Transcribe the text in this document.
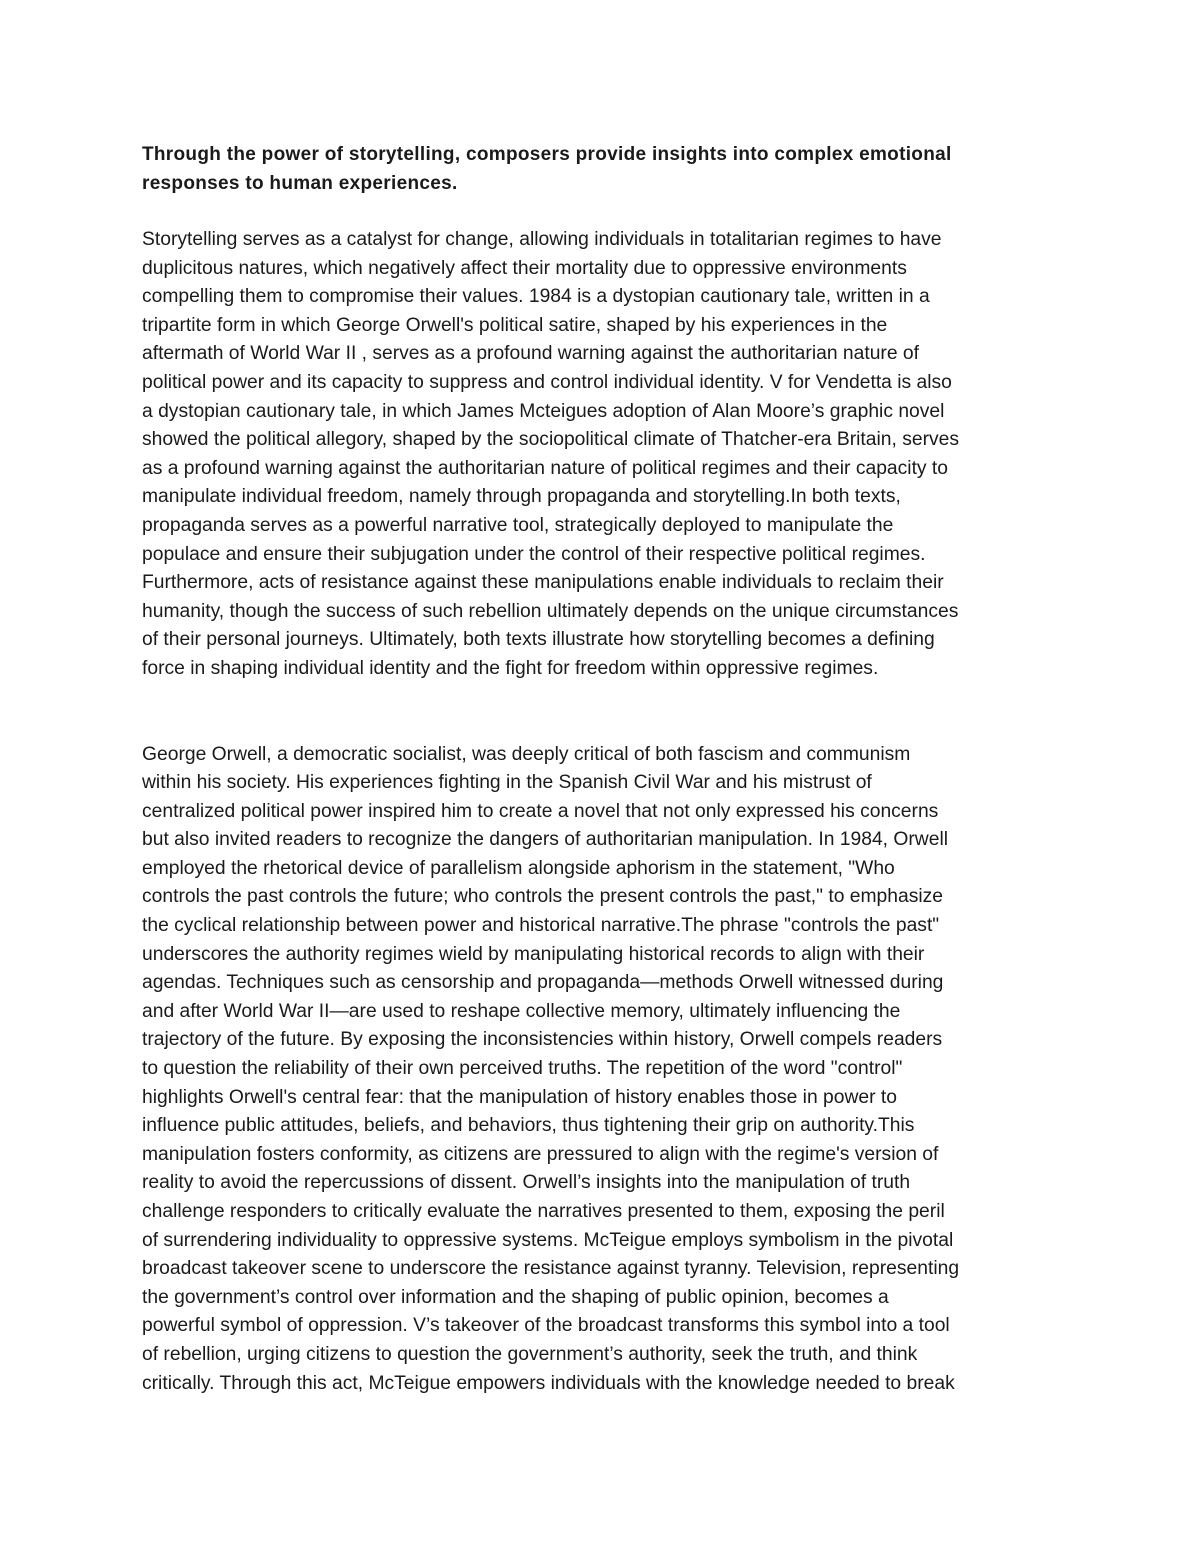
Through the power of storytelling, composers provide insights into complex emotional
responses to human experiences.
Storytelling serves as a catalyst for change, allowing individuals in totalitarian regimes to have
duplicitous natures, which negatively affect their mortality due to oppressive environments
compelling them to compromise their values. 1984 is a dystopian cautionary tale, written in a
tripartite form in which George Orwell's political satire, shaped by his experiences in the
aftermath of World War II , serves as a profound warning against the authoritarian nature of
political power and its capacity to suppress and control individual identity. V for Vendetta is also
a dystopian cautionary tale, in which James Mcteigues adoption of Alan Moore’s graphic novel
showed the political allegory, shaped by the sociopolitical climate of Thatcher-era Britain, serves
as a profound warning against the authoritarian nature of political regimes and their capacity to
manipulate individual freedom, namely through propaganda and storytelling.In both texts,
propaganda serves as a powerful narrative tool, strategically deployed to manipulate the
populace and ensure their subjugation under the control of their respective political regimes.
Furthermore, acts of resistance against these manipulations enable individuals to reclaim their
humanity, though the success of such rebellion ultimately depends on the unique circumstances
of their personal journeys. Ultimately, both texts illustrate how storytelling becomes a defining
force in shaping individual identity and the fight for freedom within oppressive regimes.
George Orwell, a democratic socialist, was deeply critical of both fascism and communism
within his society. His experiences fighting in the Spanish Civil War and his mistrust of
centralized political power inspired him to create a novel that not only expressed his concerns
but also invited readers to recognize the dangers of authoritarian manipulation. In 1984, Orwell
employed the rhetorical device of parallelism alongside aphorism in the statement, "Who
controls the past controls the future; who controls the present controls the past," to emphasize
the cyclical relationship between power and historical narrative.The phrase "controls the past"
underscores the authority regimes wield by manipulating historical records to align with their
agendas. Techniques such as censorship and propaganda—methods Orwell witnessed during
and after World War II—are used to reshape collective memory, ultimately influencing the
trajectory of the future. By exposing the inconsistencies within history, Orwell compels readers
to question the reliability of their own perceived truths. The repetition of the word "control"
highlights Orwell's central fear: that the manipulation of history enables those in power to
influence public attitudes, beliefs, and behaviors, thus tightening their grip on authority.This
manipulation fosters conformity, as citizens are pressured to align with the regime's version of
reality to avoid the repercussions of dissent. Orwell’s insights into the manipulation of truth
challenge responders to critically evaluate the narratives presented to them, exposing the peril
of surrendering individuality to oppressive systems. McTeigue employs symbolism in the pivotal
broadcast takeover scene to underscore the resistance against tyranny. Television, representing
the government’s control over information and the shaping of public opinion, becomes a
powerful symbol of oppression. V’s takeover of the broadcast transforms this symbol into a tool
of rebellion, urging citizens to question the government’s authority, seek the truth, and think
critically. Through this act, McTeigue empowers individuals with the knowledge needed to break
